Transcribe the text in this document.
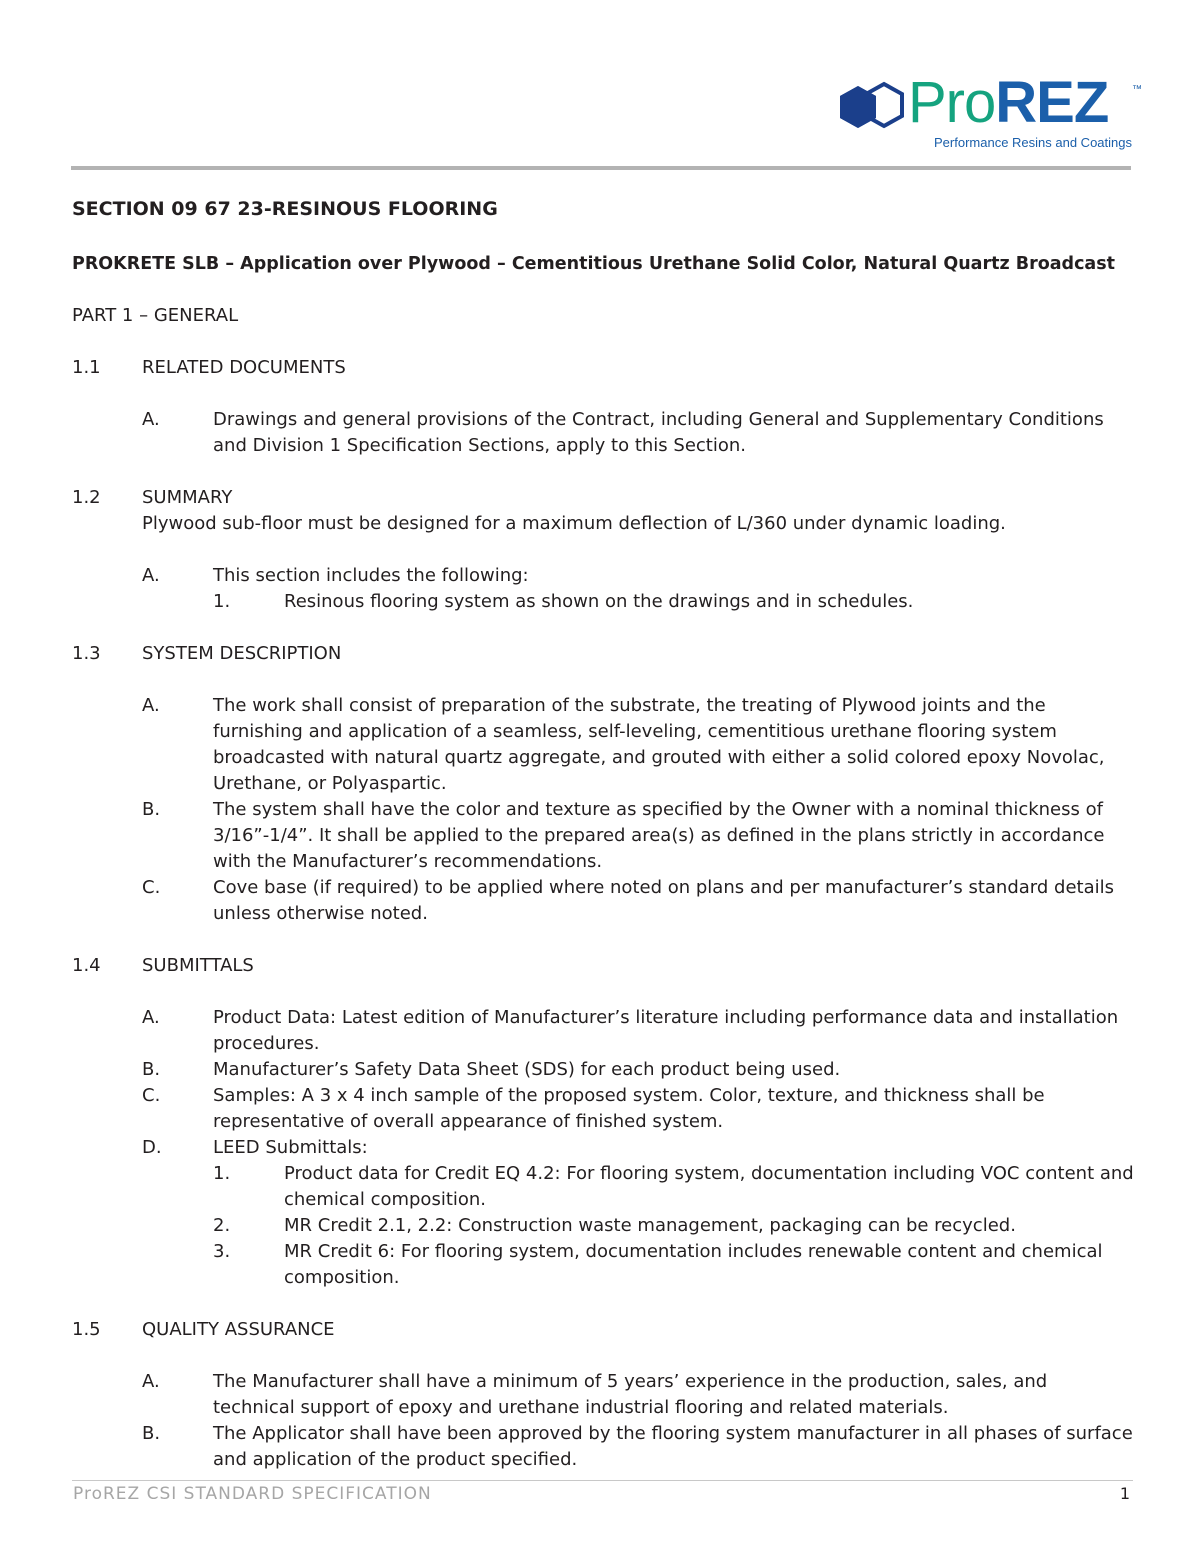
ProREZ ™
Performance Resins and Coatings
SECTION 09 67 23-RESINOUS FLOORING
PROKRETE SLB – Application over Plywood – Cementitious Urethane Solid Color, Natural Quartz Broadcast
PART 1 – GENERAL
1.1	RELATED DOCUMENTS
A.	Drawings and general provisions of the Contract, including General and Supplementary Conditions and Division 1 Specification Sections, apply to this Section.
1.2	SUMMARY
Plywood sub-floor must be designed for a maximum deflection of L/360 under dynamic loading.
A.	This section includes the following:
1.	Resinous flooring system as shown on the drawings and in schedules.
1.3	SYSTEM DESCRIPTION
A.	The work shall consist of preparation of the substrate, the treating of Plywood joints and the furnishing and application of a seamless, self-leveling, cementitious urethane flooring system broadcasted with natural quartz aggregate, and grouted with either a solid colored epoxy Novolac, Urethane, or Polyaspartic.
B.	The system shall have the color and texture as specified by the Owner with a nominal thickness of 3/16”-1/4”. It shall be applied to the prepared area(s) as defined in the plans strictly in accordance with the Manufacturer’s recommendations.
C.	Cove base (if required) to be applied where noted on plans and per manufacturer’s standard details unless otherwise noted.
1.4	SUBMITTALS
A.	Product Data: Latest edition of Manufacturer’s literature including performance data and installation procedures.
B.	Manufacturer’s Safety Data Sheet (SDS) for each product being used.
C.	Samples: A 3 x 4 inch sample of the proposed system. Color, texture, and thickness shall be representative of overall appearance of finished system.
D.	LEED Submittals:
1.	Product data for Credit EQ 4.2: For flooring system, documentation including VOC content and chemical composition.
2.	MR Credit 2.1, 2.2: Construction waste management, packaging can be recycled.
3.	MR Credit 6: For flooring system, documentation includes renewable content and chemical composition.
1.5	QUALITY ASSURANCE
A.	The Manufacturer shall have a minimum of 5 years’ experience in the production, sales, and technical support of epoxy and urethane industrial flooring and related materials.
B.	The Applicator shall have been approved by the flooring system manufacturer in all phases of surface and application of the product specified.
ProREZ CSI STANDARD SPECIFICATION	1
